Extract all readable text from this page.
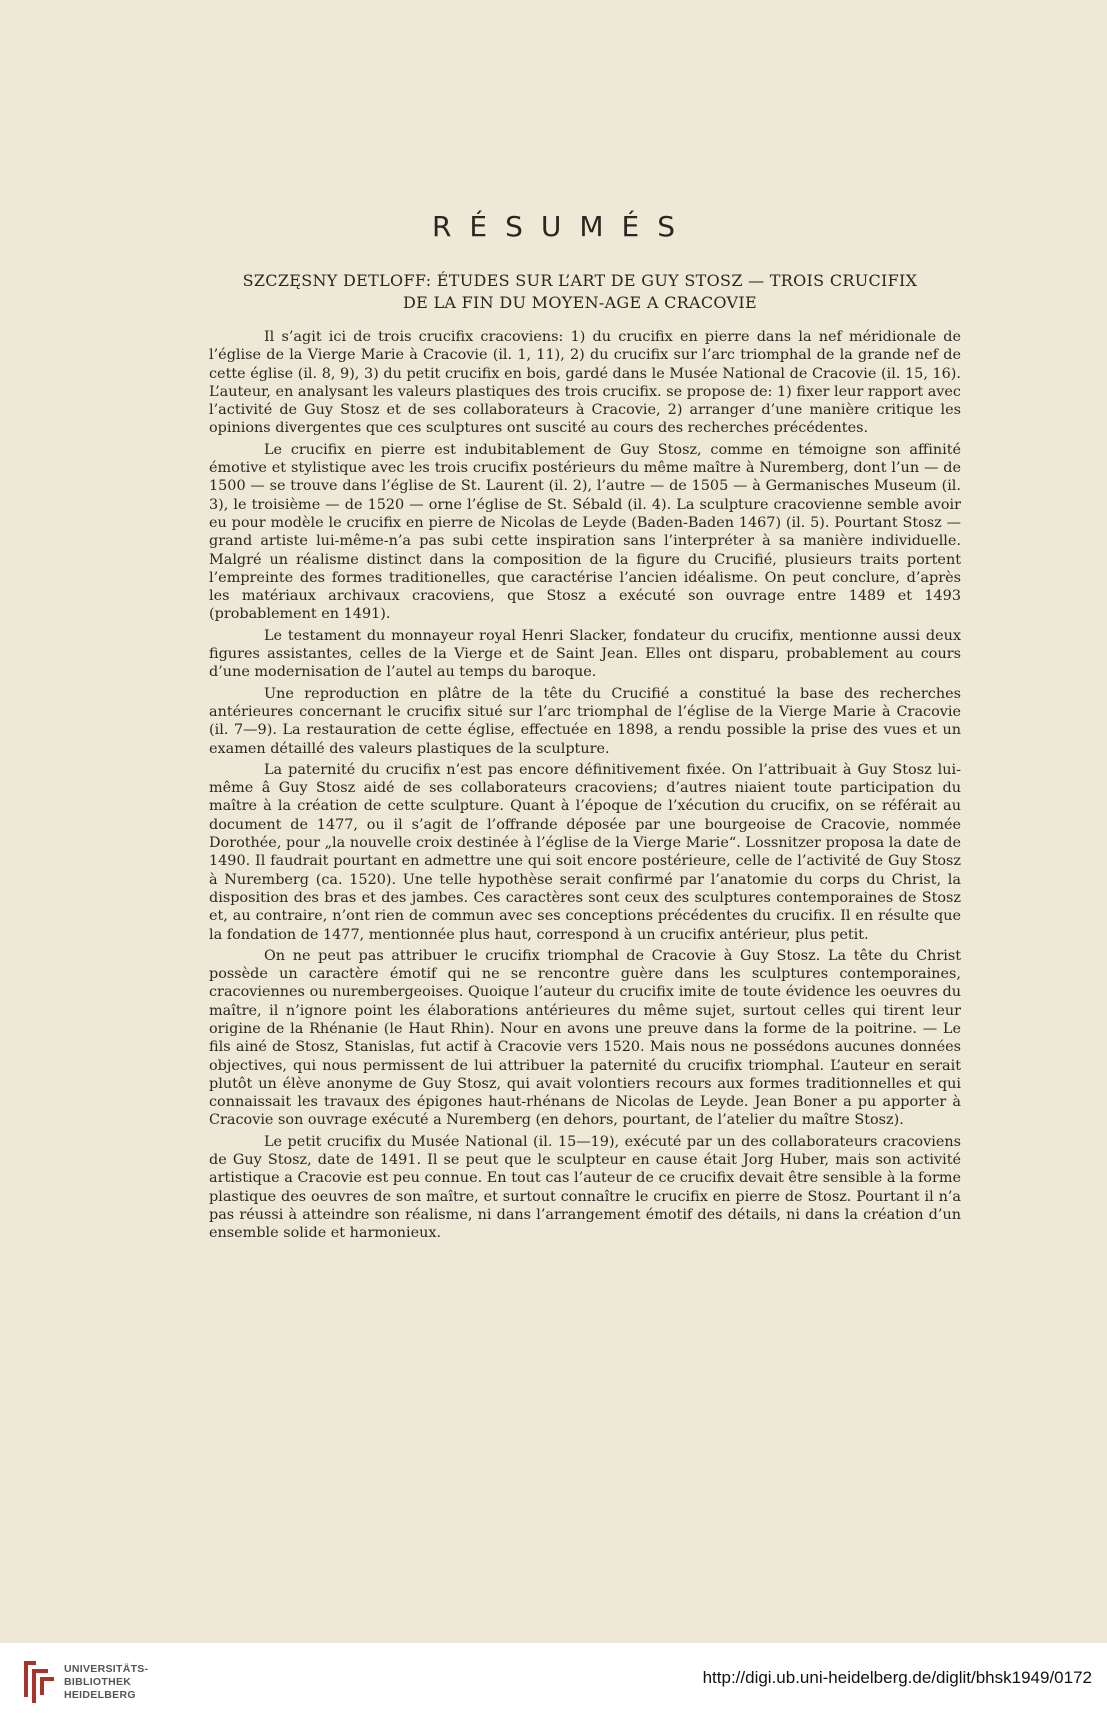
RÉSUMÉS
SZCZĘSNY DETLOFF: ÉTUDES SUR L’ART DE GUY STOSZ — TROIS CRUCIFIX
DE LA FIN DU MOYEN-AGE A CRACOVIE

Il s’agit ici de trois crucifix cracoviens: 1) du crucifix en pierre dans la nef méridionale de l’église de la Vierge Marie à Cracovie (il. 1, 11), 2) du crucifix sur l’arc triomphal de la grande nef de cette église (il. 8, 9), 3) du petit crucifix en bois, gardé dans le Musée National de Cracovie (il. 15, 16). L’auteur, en analysant les valeurs plastiques des trois crucifix. se propose de: 1) fixer leur rapport avec l’activité de Guy Stosz et de ses collaborateurs à Cracovie, 2) arranger d’une manière critique les opinions divergentes que ces sculptures ont suscité au cours des recherches précédentes.

Le crucifix en pierre est indubitablement de Guy Stosz, comme en témoigne son affinité émotive et stylistique avec les trois crucifix postérieurs du même maître à Nuremberg, dont l’un — de 1500 — se trouve dans l’église de St. Laurent (il. 2), l’autre — de 1505 — à Germanisches Museum (il. 3), le troisième — de 1520 — orne l’église de St. Sébald (il. 4). La sculpture cracovienne semble avoir eu pour modèle le crucifix en pierre de Nicolas de Leyde (Baden-Baden 1467) (il. 5). Pourtant Stosz — grand artiste lui-même-n’a pas subi cette inspiration sans l’interpréter à sa manière individuelle. Malgré un réalisme distinct dans la composition de la figure du Crucifié, plusieurs traits portent l’empreinte des formes traditionelles, que caractérise l’ancien idéalisme. On peut conclure, d’après les matériaux archivaux cracoviens, que Stosz a exécuté son ouvrage entre 1489 et 1493 (probablement en 1491).

Le testament du monnayeur royal Henri Slacker, fondateur du crucifix, mentionne aussi deux figures assistantes, celles de la Vierge et de Saint Jean. Elles ont disparu, probablement au cours d’une modernisation de l’autel au temps du baroque.

Une reproduction en plâtre de la tête du Crucifié a constitué la base des recherches antérieures concernant le crucifix situé sur l’arc triomphal de l’église de la Vierge Marie à Cracovie (il. 7—9). La restauration de cette église, effectuée en 1898, a rendu possible la prise des vues et un examen détaillé des valeurs plastiques de la sculpture.

La paternité du crucifix n’est pas encore définitivement fixée. On l’attribuait à Guy Stosz lui-même â Guy Stosz aidé de ses collaborateurs cracoviens; d’autres niaient toute participation du maître à la création de cette sculpture. Quant à l’époque de l’xécution du crucifix, on se référait au document de 1477, ou il s’agit de l’offrande déposée par une bourgeoise de Cracovie, nommée Dorothée, pour „la nouvelle croix destinée à l’église de la Vierge Marie“. Lossnitzer proposa la date de 1490. Il faudrait pourtant en admettre une qui soit encore postérieure, celle de l’activité de Guy Stosz à Nuremberg (ca. 1520). Une telle hypothèse serait confirmé par l’anatomie du corps du Christ, la disposition des bras et des jambes. Ces caractères sont ceux des sculptures contemporaines de Stosz et, au contraire, n’ont rien de commun avec ses conceptions précédentes du crucifix. Il en résulte que la fondation de 1477, mentionnée plus haut, correspond à un crucifix antérieur, plus petit.

On ne peut pas attribuer le crucifix triomphal de Cracovie à Guy Stosz. La tête du Christ possède un caractère émotif qui ne se rencontre guère dans les sculptures contemporaines, cracoviennes ou nurembergeoises. Quoique l’auteur du crucifix imite de toute évidence les oeuvres du maître, il n’ignore point les élaborations antérieures du même sujet, surtout celles qui tirent leur origine de la Rhénanie (le Haut Rhin). Nour en avons une preuve dans la forme de la poitrine. — Le fils ainé de Stosz, Stanislas, fut actif à Cracovie vers 1520. Mais nous ne possédons aucunes données objectives, qui nous permissent de lui attribuer la paternité du crucifix triomphal. L’auteur en serait plutôt un élève anonyme de Guy Stosz, qui avait volontiers recours aux formes traditionnelles et qui connaissait les travaux des épigones haut-rhénans de Nicolas de Leyde. Jean Boner a pu apporter à Cracovie son ouvrage exécuté a Nuremberg (en dehors, pourtant, de l’atelier du maître Stosz).

Le petit crucifix du Musée National (il. 15—19), exécuté par un des collaborateurs cracoviens de Guy Stosz, date de 1491. Il se peut que le sculpteur en cause était Jorg Huber, mais son activité artistique a Cracovie est peu connue. En tout cas l’auteur de ce crucifix devait être sensible à la forme plastique des oeuvres de son maître, et surtout connaître le crucifix en pierre de Stosz. Pourtant il n’a pas réussi à atteindre son réalisme, ni dans l’arrangement émotif des détails, ni dans la création d’un ensemble solide et harmonieux.

UNIVERSITÄTS-
BIBLIOTHEK
HEIDELBERG
http://digi.ub.uni-heidelberg.de/diglit/bhsk1949/0172
